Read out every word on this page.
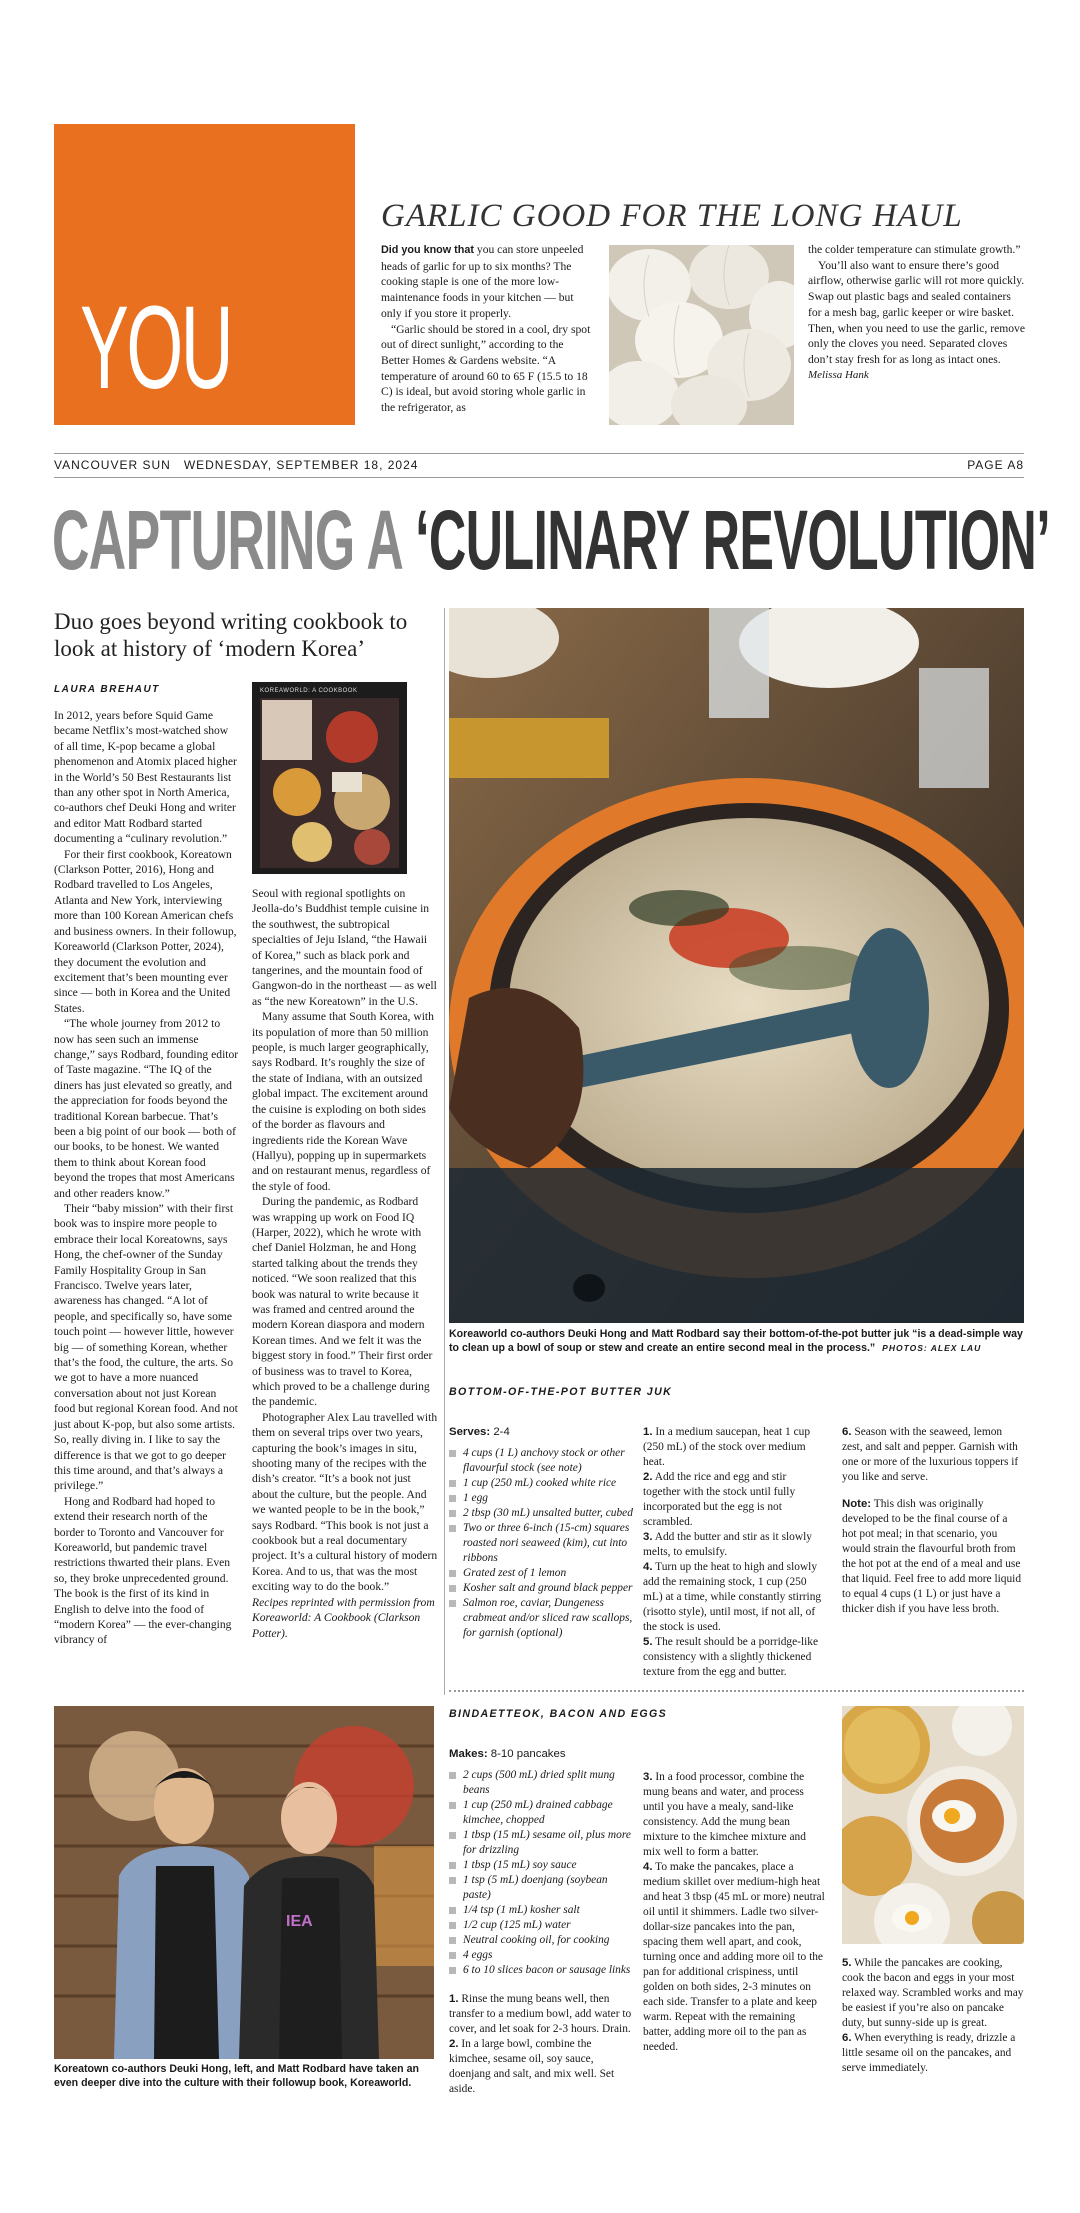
YOU
GARLIC GOOD FOR THE LONG HAUL

Did you know that you can store unpeeled heads of garlic for up to six months? The cooking staple is one of the more low-maintenance foods in your kitchen — but only if you store it properly.

“Garlic should be stored in a cool, dry spot out of direct sunlight,” according to the Better Homes & Gardens website. “A temperature of around 60 to 65 F (15.5 to 18 C) is ideal, but avoid storing whole garlic in the refrigerator, as

the colder temperature can stimulate growth.”

You’ll also want to ensure there’s good airflow, otherwise garlic will rot more quickly. Swap out plastic bags and sealed containers for a mesh bag, garlic keeper or wire basket. Then, when you need to use the garlic, remove only the cloves you need. Separated cloves don’t stay fresh for as long as intact ones.

Melissa Hank

VANCOUVER SUN WEDNESDAY, SEPTEMBER 18, 2024	PAGE A8
CAPTURING A ‘CULINARY REVOLUTION’
Duo goes beyond writing cookbook to look at history of ‘modern Korea’
LAURA BREHAUT

In 2012, years before Squid Game became Netflix’s most-watched show of all time, K-pop became a global phenomenon and Atomix placed higher in the World’s 50 Best Restaurants list than any other spot in North America, co-authors chef Deuki Hong and writer and editor Matt Rodbard started documenting a “culinary revolution.”

For their first cookbook, Koreatown (Clarkson Potter, 2016), Hong and Rodbard travelled to Los Angeles, Atlanta and New York, interviewing more than 100 Korean American chefs and business owners. In their followup, Koreaworld (Clarkson Potter, 2024), they document the evolution and excitement that’s been mounting ever since — both in Korea and the United States.

“The whole journey from 2012 to now has seen such an immense change,” says Rodbard, founding editor of Taste magazine. “The IQ of the diners has just elevated so greatly, and the appreciation for foods beyond the traditional Korean barbecue. That’s been a big point of our book — both of our books, to be honest. We wanted them to think about Korean food beyond the tropes that most Americans and other readers know.”

Their “baby mission” with their first book was to inspire more people to embrace their local Koreatowns, says Hong, the chef-owner of the Sunday Family Hospitality Group in San Francisco. Twelve years later, awareness has changed. “A lot of people, and specifically so, have some touch point — however little, however big — of something Korean, whether that’s the food, the culture, the arts. So we got to have a more nuanced conversation about not just Korean food but regional Korean food. And not just about K-pop, but also some artists. So, really diving in. I like to say the difference is that we got to go deeper this time around, and that’s always a privilege.”

Hong and Rodbard had hoped to extend their research north of the border to Toronto and Vancouver for Koreaworld, but pandemic travel restrictions thwarted their plans. Even so, they broke unprecedented ground. The book is the first of its kind in English to delve into the food of “modern Korea” — the ever-changing vibrancy of

KOREAWORLD: A COOKBOOK

Seoul with regional spotlights on Jeolla-do’s Buddhist temple cuisine in the southwest, the subtropical specialties of Jeju Island, “the Hawaii of Korea,” such as black pork and tangerines, and the mountain food of Gangwon-do in the northeast — as well as “the new Koreatown” in the U.S.

Many assume that South Korea, with its population of more than 50 million people, is much larger geographically, says Rodbard. It’s roughly the size of the state of Indiana, with an outsized global impact. The excitement around the cuisine is exploding on both sides of the border as flavours and ingredients ride the Korean Wave (Hallyu), popping up in supermarkets and on restaurant menus, regardless of the style of food.

During the pandemic, as Rodbard was wrapping up work on Food IQ (Harper, 2022), which he wrote with chef Daniel Holzman, he and Hong started talking about the trends they noticed. “We soon realized that this book was natural to write because it was framed and centred around the modern Korean diaspora and modern Korean times. And we felt it was the biggest story in food.” Their first order of business was to travel to Korea, which proved to be a challenge during the pandemic.

Photographer Alex Lau travelled with them on several trips over two years, capturing the book’s images in situ, shooting many of the recipes with the dish’s creator. “It’s a book not just about the culture, but the people. And we wanted people to be in the book,” says Rodbard. “This book is not just a cookbook but a real documentary project. It’s a cultural history of modern Korea. And to us, that was the most exciting way to do the book.”

Recipes reprinted with permission from Koreaworld: A Cookbook (Clarkson Potter).

Koreaworld co-authors Deuki Hong and Matt Rodbard say their bottom-of-the-pot butter juk “is a dead-simple way to clean up a bowl of soup or stew and create an entire second meal in the process.” PHOTOS: ALEX LAU
BOTTOM-OF-THE-POT BUTTER JUK
Serves: 2-4
4 cups (1 L) anchovy stock or other flavourful stock (see note)
1 cup (250 mL) cooked white rice
1 egg
2 tbsp (30 mL) unsalted butter, cubed
Two or three 6-inch (15-cm) squares roasted nori seaweed (kim), cut into ribbons
Grated zest of 1 lemon
Kosher salt and ground black pepper
Salmon roe, caviar, Dungeness crabmeat and/or sliced raw scallops, for garnish (optional)
1. In a medium saucepan, heat 1 cup (250 mL) of the stock over medium heat.
2. Add the rice and egg and stir together with the stock until fully incorporated but the egg is not scrambled.
3. Add the butter and stir as it slowly melts, to emulsify.
4. Turn up the heat to high and slowly add the remaining stock, 1 cup (250 mL) at a time, while constantly stirring (risotto style), until most, if not all, of the stock is used.
5. The result should be a porridge-like consistency with a slightly thickened texture from the egg and butter.
6. Season with the seaweed, lemon zest, and salt and pepper. Garnish with one or more of the luxurious toppers if you like and serve.

Note: This dish was originally developed to be the final course of a hot pot meal; in that scenario, you would strain the flavourful broth from the hot pot at the end of a meal and use that liquid. Feel free to add more liquid to equal 4 cups (1 L) or just have a thicker dish if you have less broth.

IEA
Koreatown co-authors Deuki Hong, left, and Matt Rodbard have taken an even deeper dive into the culture with their followup book, Koreaworld.
BINDAETTEOK, BACON AND EGGS
Makes: 8-10 pancakes
2 cups (500 mL) dried split mung beans
1 cup (250 mL) drained cabbage kimchee, chopped
1 tbsp (15 mL) sesame oil, plus more for drizzling
1 tbsp (15 mL) soy sauce
1 tsp (5 mL) doenjang (soybean paste)
1/4 tsp (1 mL) kosher salt
1/2 cup (125 mL) water
Neutral cooking oil, for cooking
4 eggs
6 to 10 slices bacon or sausage links
1. Rinse the mung beans well, then transfer to a medium bowl, add water to cover, and let soak for 2-3 hours. Drain.
2. In a large bowl, combine the kimchee, sesame oil, soy sauce, doenjang and salt, and mix well. Set aside.
3. In a food processor, combine the mung beans and water, and process until you have a mealy, sand-like consistency. Add the mung bean mixture to the kimchee mixture and mix well to form a batter.
4. To make the pancakes, place a medium skillet over medium-high heat and heat 3 tbsp (45 mL or more) neutral oil until it shimmers. Ladle two silver-dollar-size pancakes into the pan, spacing them well apart, and cook, turning once and adding more oil to the pan for additional crispiness, until golden on both sides, 2-3 minutes on each side. Transfer to a plate and keep warm. Repeat with the remaining batter, adding more oil to the pan as needed.
5. While the pancakes are cooking, cook the bacon and eggs in your most relaxed way. Scrambled works and may be easiest if you’re also on pancake duty, but sunny-side up is great.
6. When everything is ready, drizzle a little sesame oil on the pancakes, and serve immediately.
